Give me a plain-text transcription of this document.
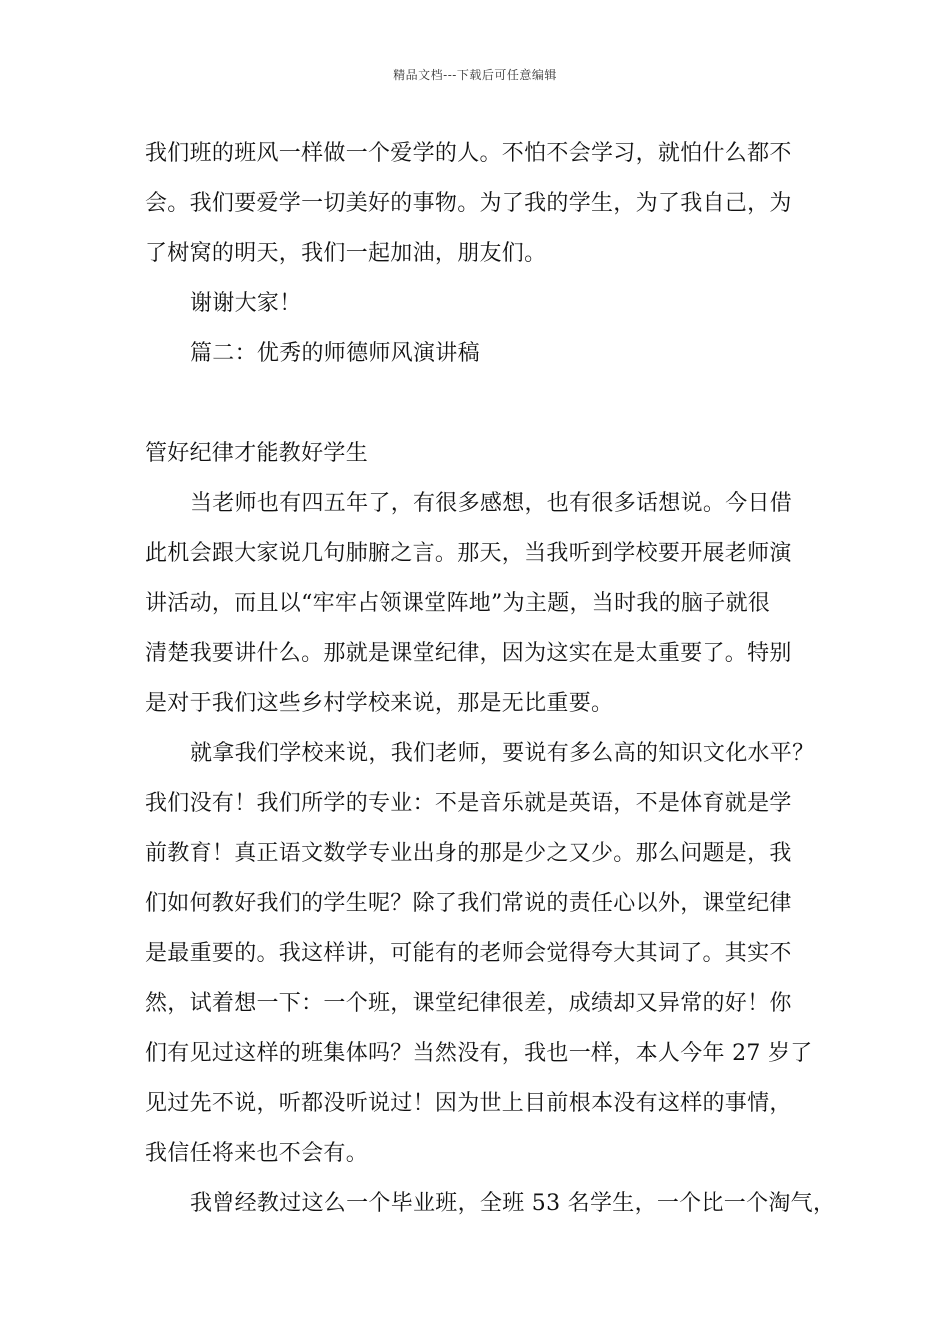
精品文档---下载后可任意编辑
我们班的班风一样做一个爱学的人。不怕不会学习，就怕什么都不
会。我们要爱学一切美好的事物。为了我的学生，为了我自己，为
了树窝的明天，我们一起加油，朋友们。
谢谢大家！
篇二：优秀的师德师风演讲稿
管好纪律才能教好学生
当老师也有四五年了，有很多感想，也有很多话想说。今日借
此机会跟大家说几句肺腑之言。那天，当我听到学校要开展老师演
讲活动，而且以“牢牢占领课堂阵地”为主题，当时我的脑子就很
清楚我要讲什么。那就是课堂纪律，因为这实在是太重要了。特别
是对于我们这些乡村学校来说，那是无比重要。
就拿我们学校来说，我们老师，要说有多么高的知识文化水平？
我们没有！我们所学的专业：不是音乐就是英语，不是体育就是学
前教育！真正语文数学专业出身的那是少之又少。那么问题是，我
们如何教好我们的学生呢？除了我们常说的责任心以外，课堂纪律
是最重要的。我这样讲，可能有的老师会觉得夸大其词了。其实不
然，试着想一下：一个班，课堂纪律很差，成绩却又异常的好！你
们有见过这样的班集体吗？当然没有，我也一样，本人今年 27 岁了
见过先不说，听都没听说过！因为世上目前根本没有这样的事情，
我信任将来也不会有。
我曾经教过这么一个毕业班，全班 53 名学生，一个比一个淘气，
